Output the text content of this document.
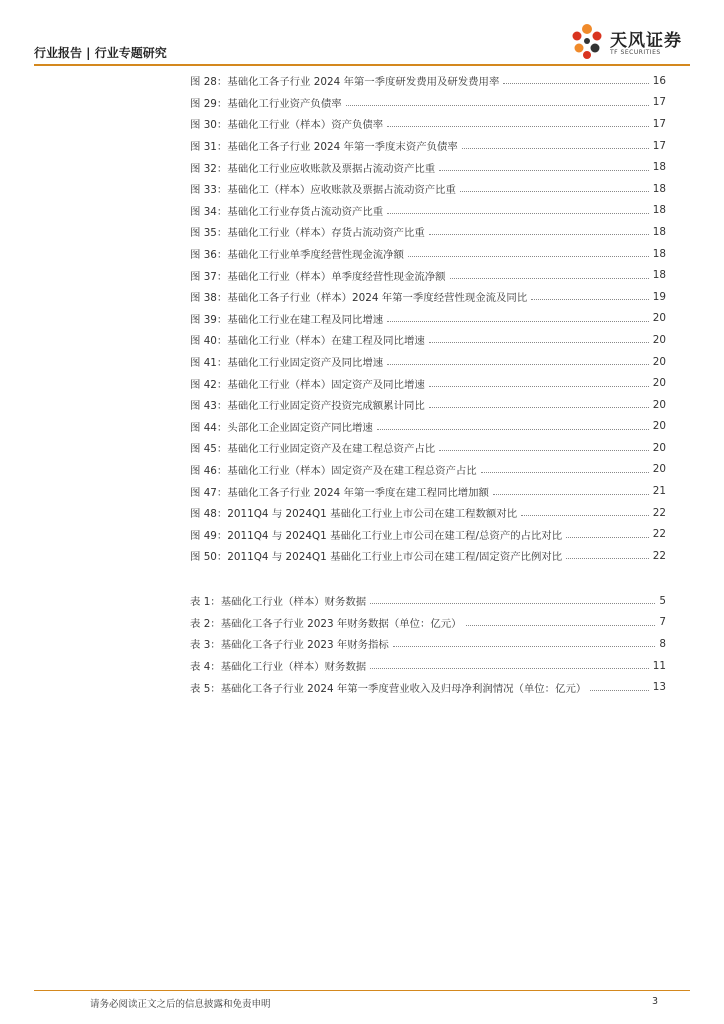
行业报告 | 行业专题研究
天风证券
TF SECURITIES
图 28：基础化工各子行业 2024 年第一季度研发费用及研发费用率	16
图 29：基础化工行业资产负债率	17
图 30：基础化工行业（样本）资产负债率	17
图 31：基础化工各子行业 2024 年第一季度末资产负债率	17
图 32：基础化工行业应收账款及票据占流动资产比重	18
图 33：基础化工（样本）应收账款及票据占流动资产比重	18
图 34：基础化工行业存货占流动资产比重	18
图 35：基础化工行业（样本）存货占流动资产比重	18
图 36：基础化工行业单季度经营性现金流净额	18
图 37：基础化工行业（样本）单季度经营性现金流净额	18
图 38：基础化工各子行业（样本）2024 年第一季度经营性现金流及同比	19
图 39：基础化工行业在建工程及同比增速	20
图 40：基础化工行业（样本）在建工程及同比增速	20
图 41：基础化工行业固定资产及同比增速	20
图 42：基础化工行业（样本）固定资产及同比增速	20
图 43：基础化工行业固定资产投资完成额累计同比	20
图 44：头部化工企业固定资产同比增速	20
图 45：基础化工行业固定资产及在建工程总资产占比	20
图 46：基础化工行业（样本）固定资产及在建工程总资产占比	20
图 47：基础化工各子行业 2024 年第一季度在建工程同比增加额	21
图 48：2011Q4 与 2024Q1 基础化工行业上市公司在建工程数额对比	22
图 49：2011Q4 与 2024Q1 基础化工行业上市公司在建工程/总资产的占比对比	22
图 50：2011Q4 与 2024Q1 基础化工行业上市公司在建工程/固定资产比例对比	22
表 1：基础化工行业（样本）财务数据	5
表 2：基础化工各子行业 2023 年财务数据（单位：亿元）	7
表 3：基础化工各子行业 2023 年财务指标	8
表 4：基础化工行业（样本）财务数据	11
表 5：基础化工各子行业 2024 年第一季度营业收入及归母净利润情况（单位：亿元）	13
请务必阅读正文之后的信息披露和免责申明	3
